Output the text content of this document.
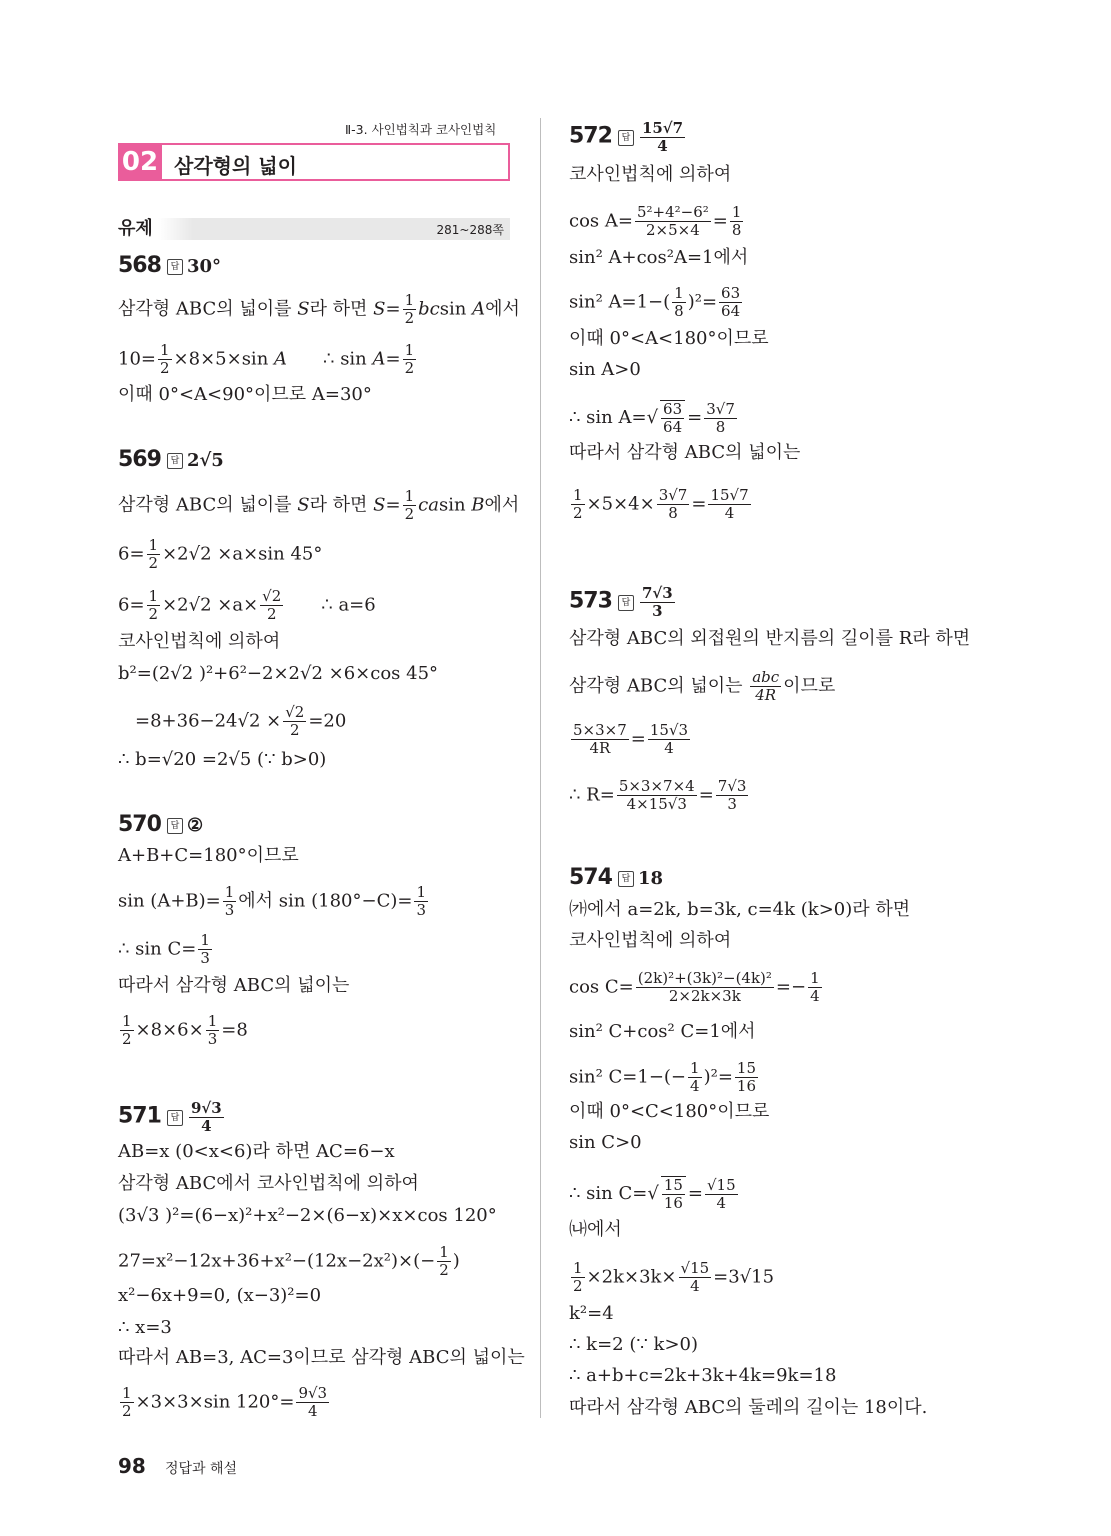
Ⅱ-3. 사인법칙과 코사인법칙
02 삼각형의 넓이
유제	281~288쪽
568 답 30°
삼각형 ABC의 넓이를 S라 하면 $S= \frac{1}{2}$ bcsin A에서
$10= \frac{1}{2} \times 8\times 5\times\sin$ A ∴ $\sin A= \frac{1}{2}$
이때 0°<A<90°이므로 A=30°
569 답 2√5
삼각형 ABC의 넓이를 S라 하면 $S= \frac{1}{2}$ casin B에서
$6= \frac{1}{2} \times 2√2 \times a\times\sin$ 45°
$6= \frac{1}{2} \times 2√2 \times a\times \frac{√2}{2}$ ∴ a=6
코사인법칙에 의하여
b²=(2√2 )²+6²−2×2√2 ×6×cos 45°
$=8+36-24√2 \times \frac{√2}{2} =20$
∴ b=√20 =2√5 (∵ b>0)
570 답 ②
A+B+C=180°이므로
$\sin (A+B)= \frac{1}{3}$ 에서 $\sin (180^\circ-C)= \frac{1}{3}$
∴ $\sin C= \frac{1}{3}$
따라서 삼각형 ABC의 넓이는
$\frac{1}{2} \times 8\times 6\times \frac{1}{3} =8$
571 답 $\frac{9√3}{4}$
AB=x (0<x<6)라 하면 AC=6−x
삼각형 ABC에서 코사인법칙에 의하여
(3√3 )²=(6−x)²+x²−2×(6−x)×x×cos 120°
$27=x^2-12x+36+x^2-(12x-2x^2)\times(- \frac{1}{2}$ )
x²−6x+9=0, (x−3)²=0
∴ x=3
따라서 AB=3, AC=3이므로 삼각형 ABC의 넓이는
$\frac{1}{2} \times 3\times 3\times\sin$ $120^\circ= \frac{9√3}{4}$
572 답 $\frac{15√7}{4}$
코사인법칙에 의하여
$\cos A= \frac{\text{5²+4²−6²}}{2\times 5\times 4} = \frac{1}{8}$
sin² A+cos²A=1에서
sin² $A=1-( \frac{1}{8} )^2= \frac{63}{64}$
이때 0°<A<180°이므로
sin A>0
∴ $\sin A=√ \frac{63}{64} = \frac{3√7}{8}$
따라서 삼각형 ABC의 넓이는
$\frac{1}{2} \times 5\times 4\times \frac{3√7}{8} = \frac{15√7}{4}$
573 답 $\frac{7√3}{3}$
삼각형 ABC의 외접원의 반지름의 길이를 R라 하면
삼각형 ABC의 넓이는 $\frac{\text{abc}}{4R}$ 이므로
$\frac{5\times 3\times 7}{4R} = \frac{15√3}{4}$
∴ $R= \frac{5\times 3\times 7\times 4}{4\times 15√3} = \frac{7√3}{3}$
574 답 18
㈎에서 a=2k, b=3k, c=4k (k>0)라 하면
코사인법칙에 의하여
$\cos C= \frac{\text{(2k)²+(3k)²−(4k)²}}{2\times 2k\times 3k} =- \frac{1}{4}$
sin² C+cos² C=1에서
sin² $C=1-(- \frac{1}{4} )^2= \frac{15}{16}$
이때 0°<C<180°이므로
sin C>0
∴ $\sin C=√ \frac{15}{16} = \frac{√15}{4}$
㈏에서
$\frac{1}{2} \times 2k\times 3k\times \frac{√15}{4} =3√15$
k²=4
∴ k=2 (∵ k>0)
∴ a+b+c=2k+3k+4k=9k=18
따라서 삼각형 ABC의 둘레의 길이는 18이다.
98 정답과 해설
